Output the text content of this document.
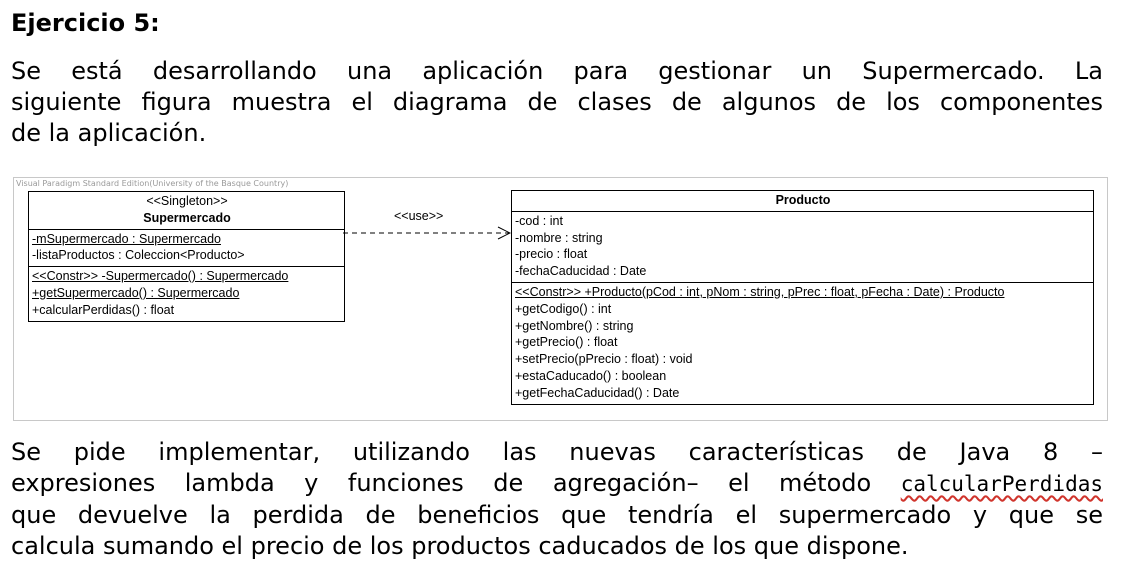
Ejercicio 5:
Se está desarrollando una aplicación para gestionar un Supermercado. La
siguiente figura muestra el diagrama de clases de algunos de los componentes
de la aplicación.
Visual Paradigm Standard Edition(University of the Basque Country)
<<Singleton>>
Supermercado
-mSupermercado : Supermercado
-listaProductos : Coleccion<Producto>
<<Constr>> -Supermercado() : Supermercado
+getSupermercado() : Supermercado
+calcularPerdidas() : float
<<use>>
Producto
-cod : int
-nombre : string
-precio : float
-fechaCaducidad : Date
<<Constr>> +Producto(pCod : int, pNom : string, pPrec : float, pFecha : Date) : Producto
+getCodigo() : int
+getNombre() : string
+getPrecio() : float
+setPrecio(pPrecio : float) : void
+estaCaducado() : boolean
+getFechaCaducidad() : Date
Se pide implementar, utilizando las nuevas características de Java 8 –
expresiones lambda y funciones de agregación– el método calcularPerdidas
que devuelve la perdida de beneficios que tendría el supermercado y que se
calcula sumando el precio de los productos caducados de los que dispone.
